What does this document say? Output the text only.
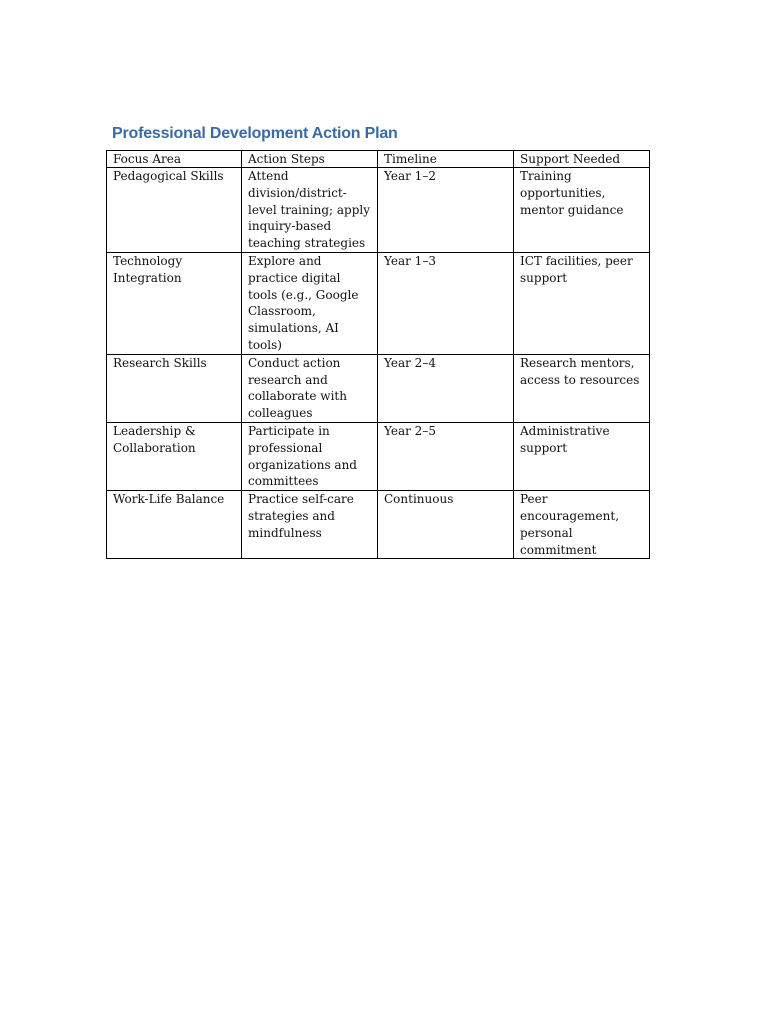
Professional Development Action Plan
Focus Area	Action Steps	Timeline	Support Needed
Pedagogical Skills	Attend division/district-level training; apply inquiry-based teaching strategies	Year 1–2	Training opportunities, mentor guidance
Technology Integration	Explore and practice digital tools (e.g., Google Classroom, simulations, AI tools)	Year 1–3	ICT facilities, peer support
Research Skills	Conduct action research and collaborate with colleagues	Year 2–4	Research mentors, access to resources
Leadership & Collaboration	Participate in professional organizations and committees	Year 2–5	Administrative support
Work-Life Balance	Practice self-care strategies and mindfulness	Continuous	Peer encouragement, personal commitment
